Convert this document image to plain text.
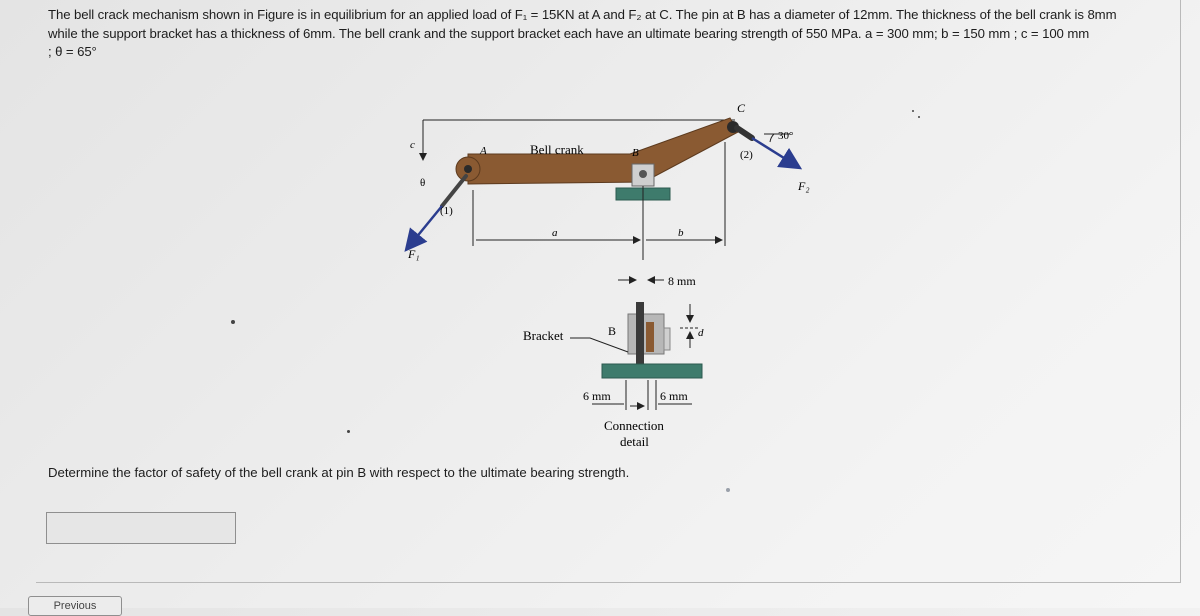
The bell crack mechanism shown in Figure is in equilibrium for an applied load of F₁ = 15KN at A and F₂ at C. The pin at B has a diameter of 12mm. The thickness of the bell crank is 8mm

while the support bracket has a thickness of 6mm. The bell crank and the support bracket each have an ultimate bearing strength of 550 MPa. a = 300 mm; b = 150 mm ; c = 100 mm

; θ = 65°

c
C
30°
(2)
F₂
(1)
θ
F₁
A	Bell crank	B
a	b
8 mm
d
B
Bracket
6 mm	6 mm
Connection
detail
Determine the factor of safety of the bell crank at pin B with respect to the ultimate bearing strength.
Previous
